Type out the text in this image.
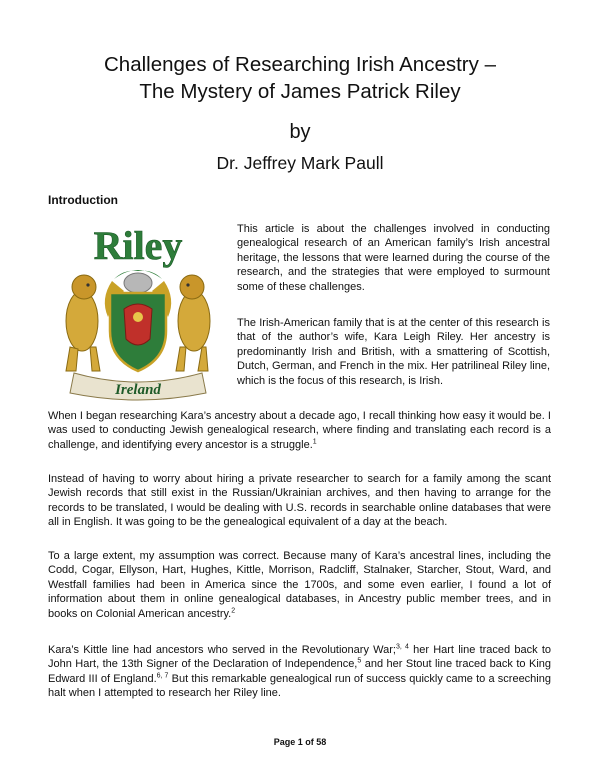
Challenges of Researching Irish Ancestry –
The Mystery of James Patrick Riley
by
Dr. Jeffrey Mark Paull
Introduction
Riley
Ireland

This article is about the challenges involved in conducting genealogical research of an American family’s Irish ancestral heritage, the lessons that were learned during the course of the research, and the strategies that were employed to surmount some of these challenges.

The Irish-American family that is at the center of this research is that of the author’s wife, Kara Leigh Riley. Her ancestry is predominantly Irish and British, with a smattering of Scottish, Dutch, German, and French in the mix. Her patrilineal Riley line, which is the focus of this research, is Irish.

When I began researching Kara’s ancestry about a decade ago, I recall thinking how easy it would be. I was used to conducting Jewish genealogical research, where finding and translating each record is a challenge, and identifying every ancestor is a struggle.$^1$

Instead of having to worry about hiring a private researcher to search for a family among the scant Jewish records that still exist in the Russian/Ukrainian archives, and then having to arrange for the records to be translated, I would be dealing with U.S. records in searchable online databases that were all in English. It was going to be the genealogical equivalent of a day at the beach.

To a large extent, my assumption was correct. Because many of Kara’s ancestral lines, including the Codd, Cogar, Ellyson, Hart, Hughes, Kittle, Morrison, Radcliff, Stalnaker, Starcher, Stout, Ward, and Westfall families had been in America since the 1700s, and some even earlier, I found a lot of information about them in online genealogical databases, in Ancestry public member trees, and in books on Colonial American ancestry.$^2$

Kara’s Kittle line had ancestors who served in the Revolutionary War;$^{3, 4}$ her Hart line traced back to John Hart, the 13th Signer of the Declaration of Independence,$^5$ and her Stout line traced back to King Edward III of England.$^{6, 7}$ But this remarkable genealogical run of success quickly came to a screeching halt when I attempted to research her Riley line.

Page 1 of 58
